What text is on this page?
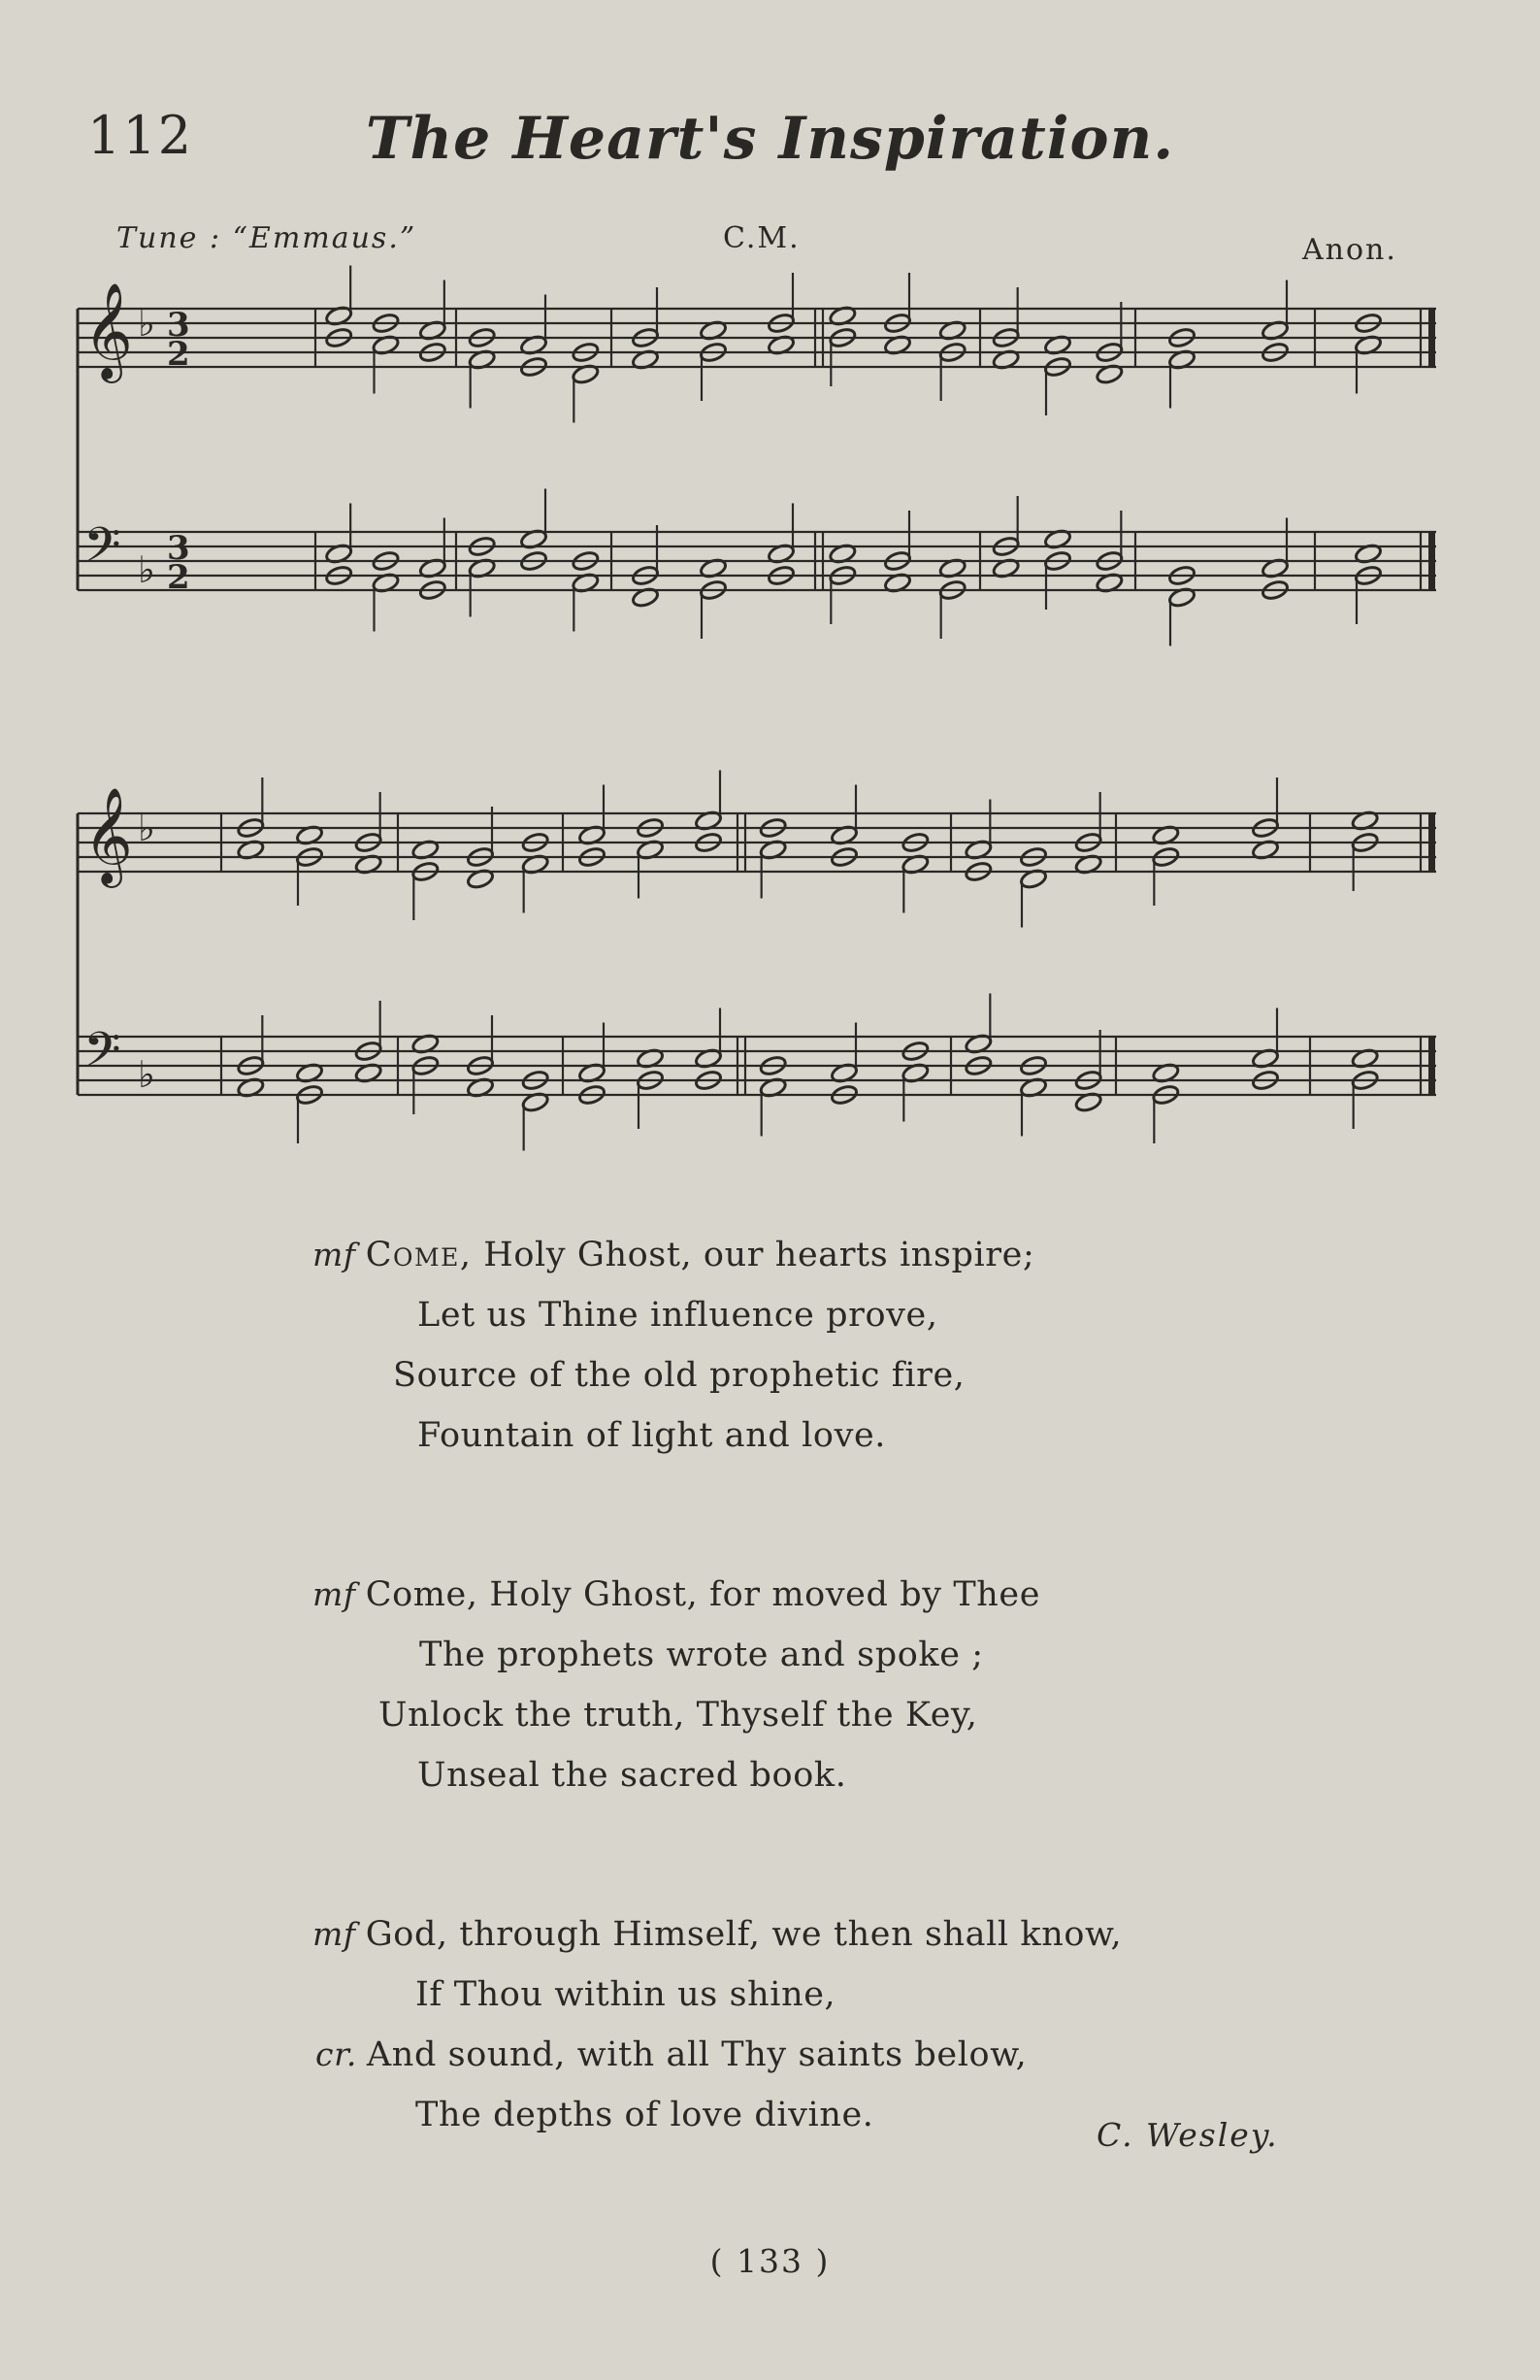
112	The Heart's Inspiration.
Tune : “Emmaus.”	C.M.	Anon.
𝄞 ♭ 3
2
𝄢 ♭ 3
2
𝄞 ♭
𝄢 ♭
mf Come, Holy Ghost, our hearts inspire;
Let us Thine influence prove,
Source of the old prophetic fire,
Fountain of light and love.
mf Come, Holy Ghost, for moved by Thee
The prophets wrote and spoke ;
Unlock the truth, Thyself the Key,
Unseal the sacred book.
mf God, through Himself, we then shall know,
If Thou within us shine,
cr. And sound, with all Thy saints below,
The depths of love divine.
C. Wesley.
( 133 )
